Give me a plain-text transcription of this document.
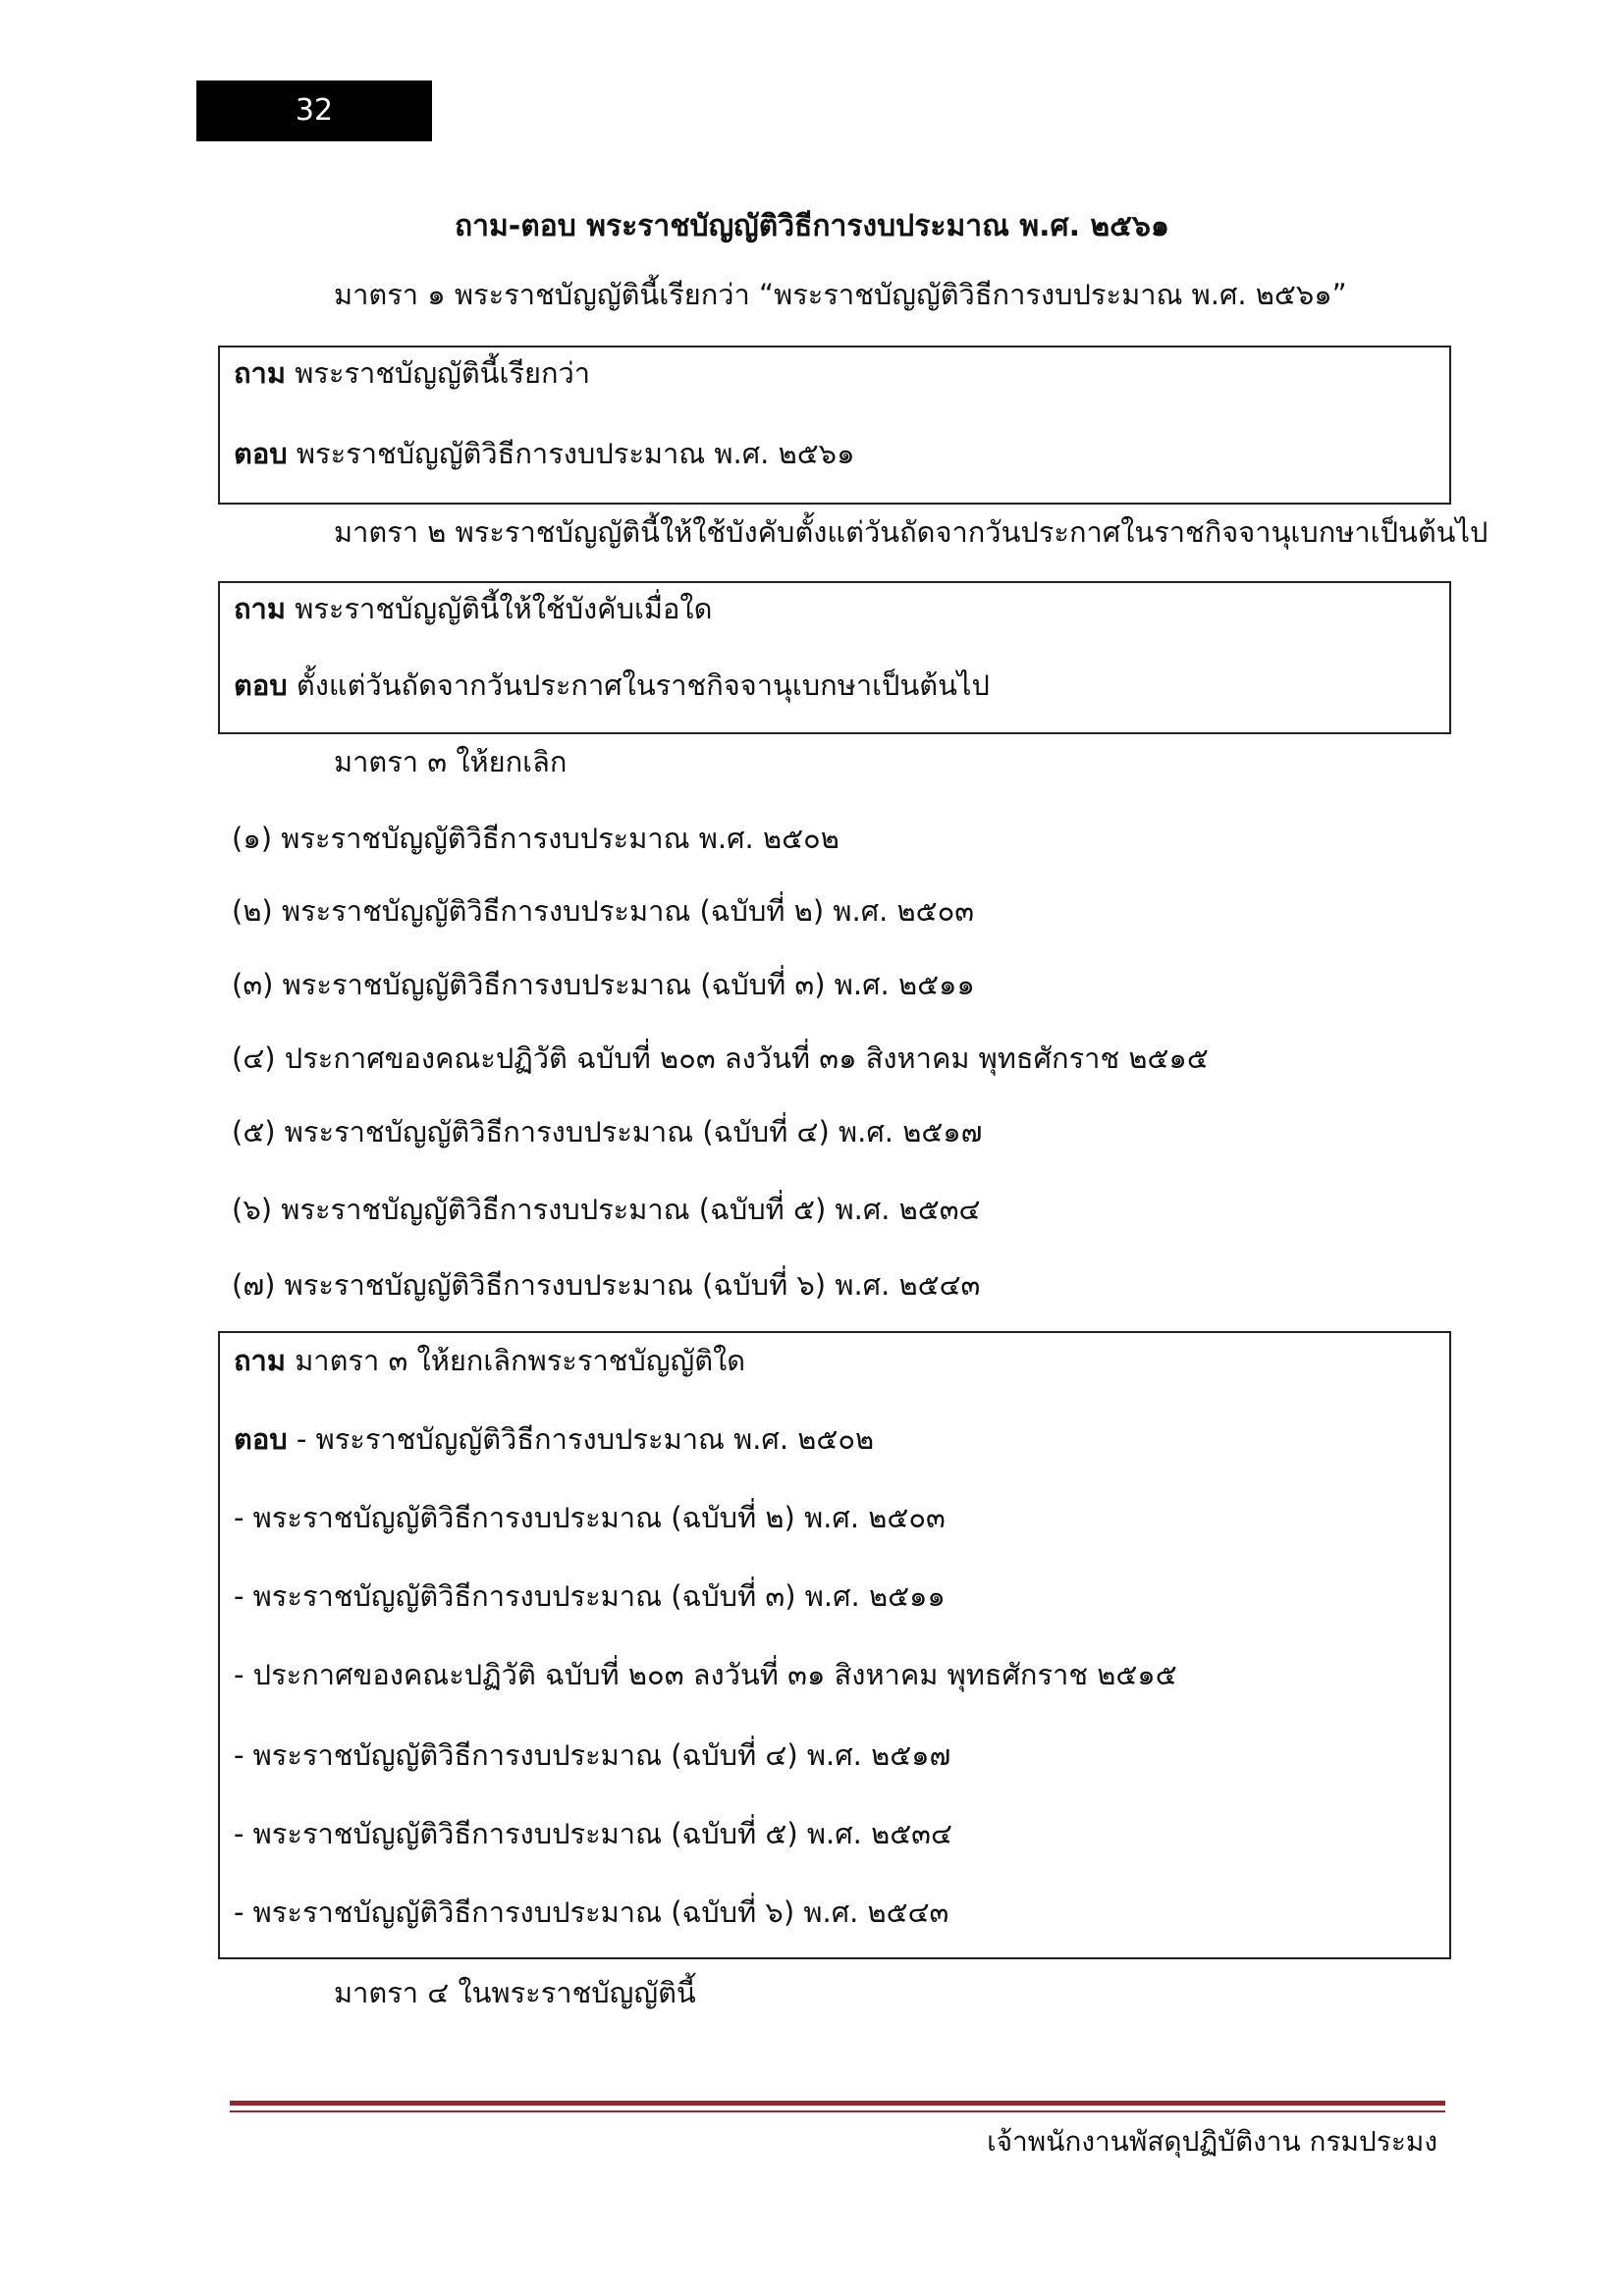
32

ถาม-ตอบ พระราชบัญญัติวิธีการงบประมาณ พ.ศ. ๒๕๖๑

มาตรา ๑ พระราชบัญญัตินี้เรียกว่า “พระราชบัญญัติวิธีการงบประมาณ พ.ศ. ๒๕๖๑”

ถาม พระราชบัญญัตินี้เรียกว่า

ตอบ พระราชบัญญัติวิธีการงบประมาณ พ.ศ. ๒๕๖๑

มาตรา ๒ พระราชบัญญัตินี้ให้ใช้บังคับตั้งแต่วันถัดจากวันประกาศในราชกิจจานุเบกษาเป็นต้นไป

ถาม พระราชบัญญัตินี้ให้ใช้บังคับเมื่อใด

ตอบ ตั้งแต่วันถัดจากวันประกาศในราชกิจจานุเบกษาเป็นต้นไป

มาตรา ๓ ให้ยกเลิก

(๑) พระราชบัญญัติวิธีการงบประมาณ พ.ศ. ๒๕๐๒

(๒) พระราชบัญญัติวิธีการงบประมาณ (ฉบับที่ ๒) พ.ศ. ๒๕๐๓

(๓) พระราชบัญญัติวิธีการงบประมาณ (ฉบับที่ ๓) พ.ศ. ๒๕๑๑

(๔) ประกาศของคณะปฏิวัติ ฉบับที่ ๒๐๓ ลงวันที่ ๓๑ สิงหาคม พุทธศักราช ๒๕๑๕

(๕) พระราชบัญญัติวิธีการงบประมาณ (ฉบับที่ ๔) พ.ศ. ๒๕๑๗

(๖) พระราชบัญญัติวิธีการงบประมาณ (ฉบับที่ ๕) พ.ศ. ๒๕๓๔

(๗) พระราชบัญญัติวิธีการงบประมาณ (ฉบับที่ ๖) พ.ศ. ๒๕๔๓

ถาม มาตรา ๓ ให้ยกเลิกพระราชบัญญัติใด

ตอบ - พระราชบัญญัติวิธีการงบประมาณ พ.ศ. ๒๕๐๒

- พระราชบัญญัติวิธีการงบประมาณ (ฉบับที่ ๒) พ.ศ. ๒๕๐๓

- พระราชบัญญัติวิธีการงบประมาณ (ฉบับที่ ๓) พ.ศ. ๒๕๑๑

- ประกาศของคณะปฏิวัติ ฉบับที่ ๒๐๓ ลงวันที่ ๓๑ สิงหาคม พุทธศักราช ๒๕๑๕

- พระราชบัญญัติวิธีการงบประมาณ (ฉบับที่ ๔) พ.ศ. ๒๕๑๗

- พระราชบัญญัติวิธีการงบประมาณ (ฉบับที่ ๕) พ.ศ. ๒๕๓๔

- พระราชบัญญัติวิธีการงบประมาณ (ฉบับที่ ๖) พ.ศ. ๒๕๔๓

มาตรา ๔ ในพระราชบัญญัตินี้

เจ้าพนักงานพัสดุปฏิบัติงาน กรมประมง
